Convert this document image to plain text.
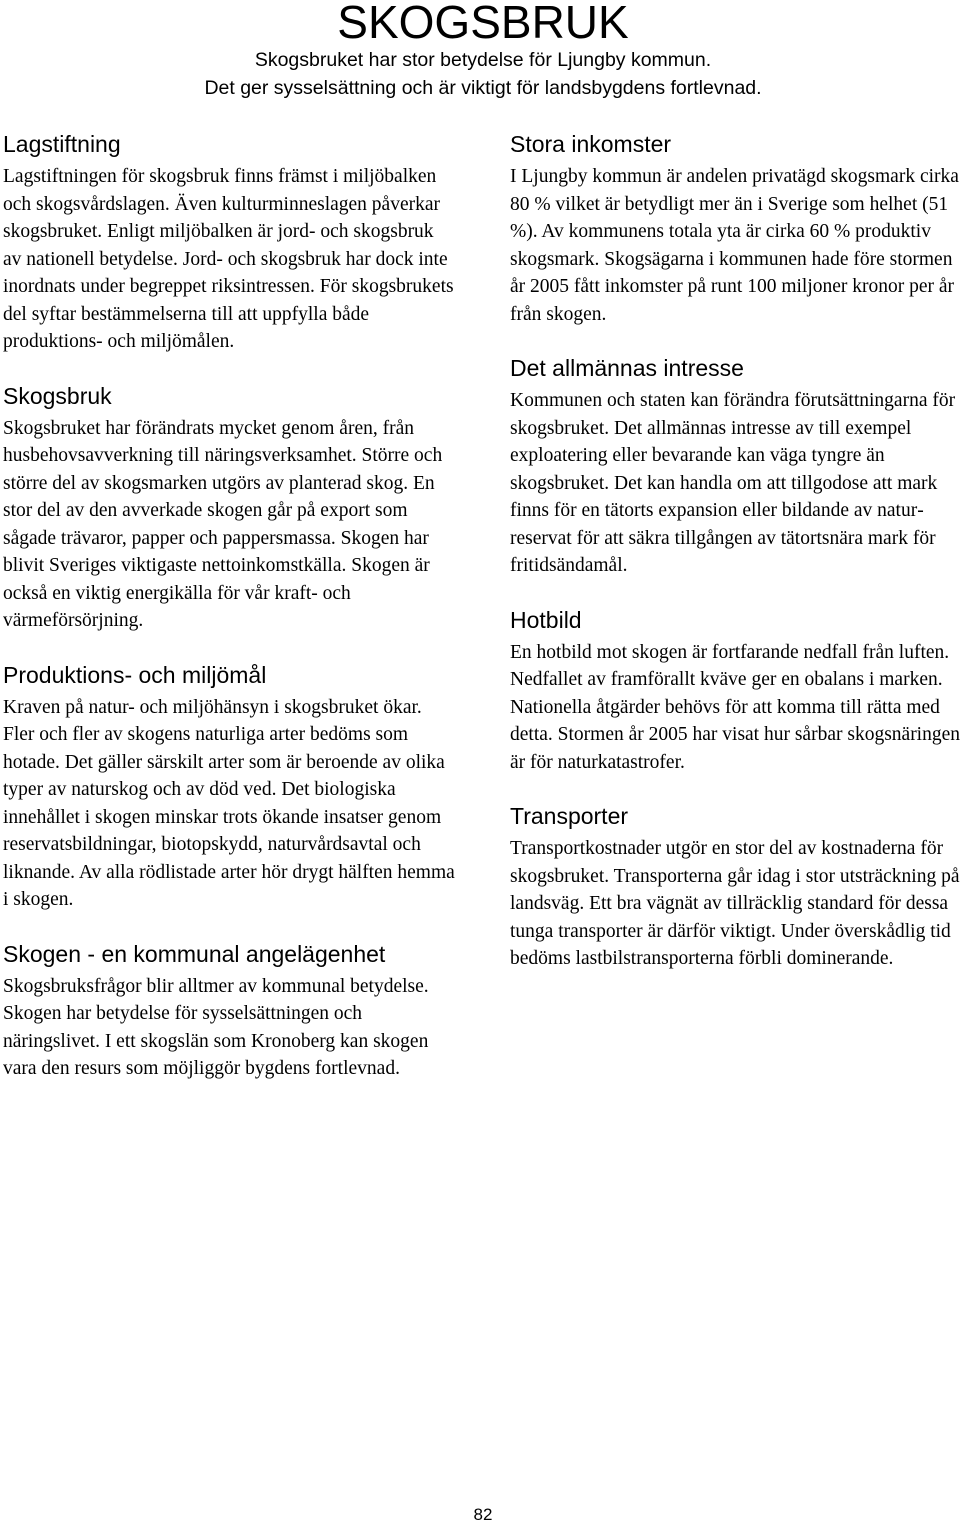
SKOGSBRUK
Skogsbruket har stor betydelse för Ljungby kommun.
Det ger sysselsättning och är viktigt för landsbygdens fortlevnad.
Lagstiftning

Lagstiftningen för skogsbruk finns främst i miljöbalken och skogsvårdslagen. Även kulturminneslagen påverkar skogsbruket. Enligt miljöbalken är jord- och skogsbruk av nationell betydelse. Jord- och skogsbruk har dock inte inordnats under begreppet riksintressen. För skogsbrukets del syftar bestämmelserna till att uppfylla både produktions- och miljömålen.

Skogsbruk

Skogsbruket har förändrats mycket genom åren, från husbehovsavverkning till näringsverksamhet. Större och större del av skogsmarken utgörs av planterad skog. En stor del av den avverkade skogen går på export som sågade trävaror, papper och pappersmassa. Skogen har blivit Sveriges viktigaste nettoinkomstkälla. Skogen är också en viktig energikälla för vår kraft- och värmeförsörjning.

Produktions- och miljömål

Kraven på natur- och miljöhänsyn i skogsbruket ökar. Fler och fler av skogens naturliga arter bedöms som hotade. Det gäller särskilt arter som är beroende av olika typer av naturskog och av död ved. Det biologiska innehållet i skogen minskar trots ökande insatser genom reservatsbildningar, biotopskydd, naturvårdsavtal och liknande. Av alla rödlistade arter hör drygt hälften hemma i skogen.

Skogen - en kommunal angelägenhet

Skogsbruksfrågor blir alltmer av kommunal betydelse. Skogen har betydelse för sysselsättningen och näringslivet. I ett skogslän som Kronoberg kan skogen vara den resurs som möjliggör bygdens fortlevnad.

Stora inkomster

I Ljungby kommun är andelen privatägd skogsmark cirka 80 % vilket är betydligt mer än i Sverige som helhet (51 %). Av kommunens totala yta är cirka 60 % produktiv skogsmark. Skogsägarna i kommunen hade före stormen år 2005 fått inkomster på runt 100 miljoner kronor per år från skogen.

Det allmännas intresse

Kommunen och staten kan förändra förutsättningarna för skogsbruket. Det allmännas intresse av till exempel exploatering eller bevarande kan väga tyngre än skogsbruket. Det kan handla om att tillgodose att mark finns för en tätorts expansion eller bildande av naturreservat för att säkra tillgången av tätortsnära mark för fritidsändamål.

Hotbild

En hotbild mot skogen är fortfarande nedfall från luften. Nedfallet av framförallt kväve ger en obalans i marken. Nationella åtgärder behövs för att komma till rätta med detta. Stormen år 2005 har visat hur sårbar skogsnäringen är för naturkatastrofer.

Transporter

Transportkostnader utgör en stor del av kostnaderna för skogsbruket. Transporterna går idag i stor utsträckning på landsväg. Ett bra vägnät av tillräcklig standard för dessa tunga transporter är därför viktigt. Under överskådlig tid bedöms lastbilstransporterna förbli dominerande.

82
